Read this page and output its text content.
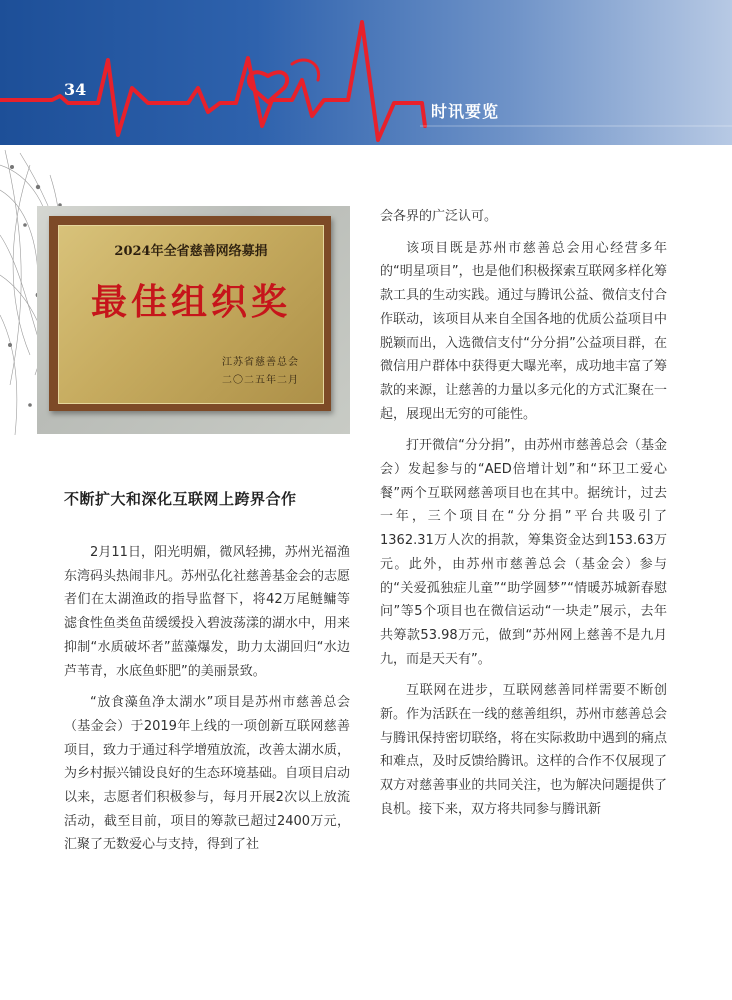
34
时讯要览
2024年全省慈善网络募捐
最佳组织奖
江苏省慈善总会
二〇二五年二月
不断扩大和深化互联网上跨界合作

2月11日，阳光明媚，微风轻拂，苏州光福渔东湾码头热闹非凡。苏州弘化社慈善基金会的志愿者们在太湖渔政的指导监督下，将42万尾鲢鳙等滤食性鱼类鱼苗缓缓投入碧波荡漾的湖水中，用来抑制“水质破坏者”蓝藻爆发，助力太湖回归“水边芦苇青，水底鱼虾肥”的美丽景致。

“放食藻鱼净太湖水”项目是苏州市慈善总会（基金会）于2019年上线的一项创新互联网慈善项目，致力于通过科学增殖放流，改善太湖水质，为乡村振兴铺设良好的生态环境基础。自项目启动以来，志愿者们积极参与，每月开展2次以上放流活动，截至目前，项目的筹款已超过2400万元，汇聚了无数爱心与支持，得到了社

会各界的广泛认可。

该项目既是苏州市慈善总会用心经营多年的“明星项目”，也是他们积极探索互联网多样化筹款工具的生动实践。通过与腾讯公益、微信支付合作联动，该项目从来自全国各地的优质公益项目中脱颖而出，入选微信支付“分分捐”公益项目群，在微信用户群体中获得更大曝光率，成功地丰富了筹款的来源，让慈善的力量以多元化的方式汇聚在一起，展现出无穷的可能性。

打开微信“分分捐”，由苏州市慈善总会（基金会）发起参与的“AED倍增计划”和“环卫工爱心餐”两个互联网慈善项目也在其中。据统计，过去一年，三个项目在“分分捐”平台共吸引了1362.31万人次的捐款，筹集资金达到153.63万元。此外，由苏州市慈善总会（基金会）参与的“关爱孤独症儿童”“助学圆梦”“情暖苏城新春慰问”等5个项目也在微信运动“一块走”展示，去年共筹款53.98万元，做到“苏州网上慈善不是九月九，而是天天有”。

互联网在进步，互联网慈善同样需要不断创新。作为活跃在一线的慈善组织，苏州市慈善总会与腾讯保持密切联络，将在实际救助中遇到的痛点和难点，及时反馈给腾讯。这样的合作不仅展现了双方对慈善事业的共同关注，也为解决问题提供了良机。接下来，双方将共同参与腾讯新
